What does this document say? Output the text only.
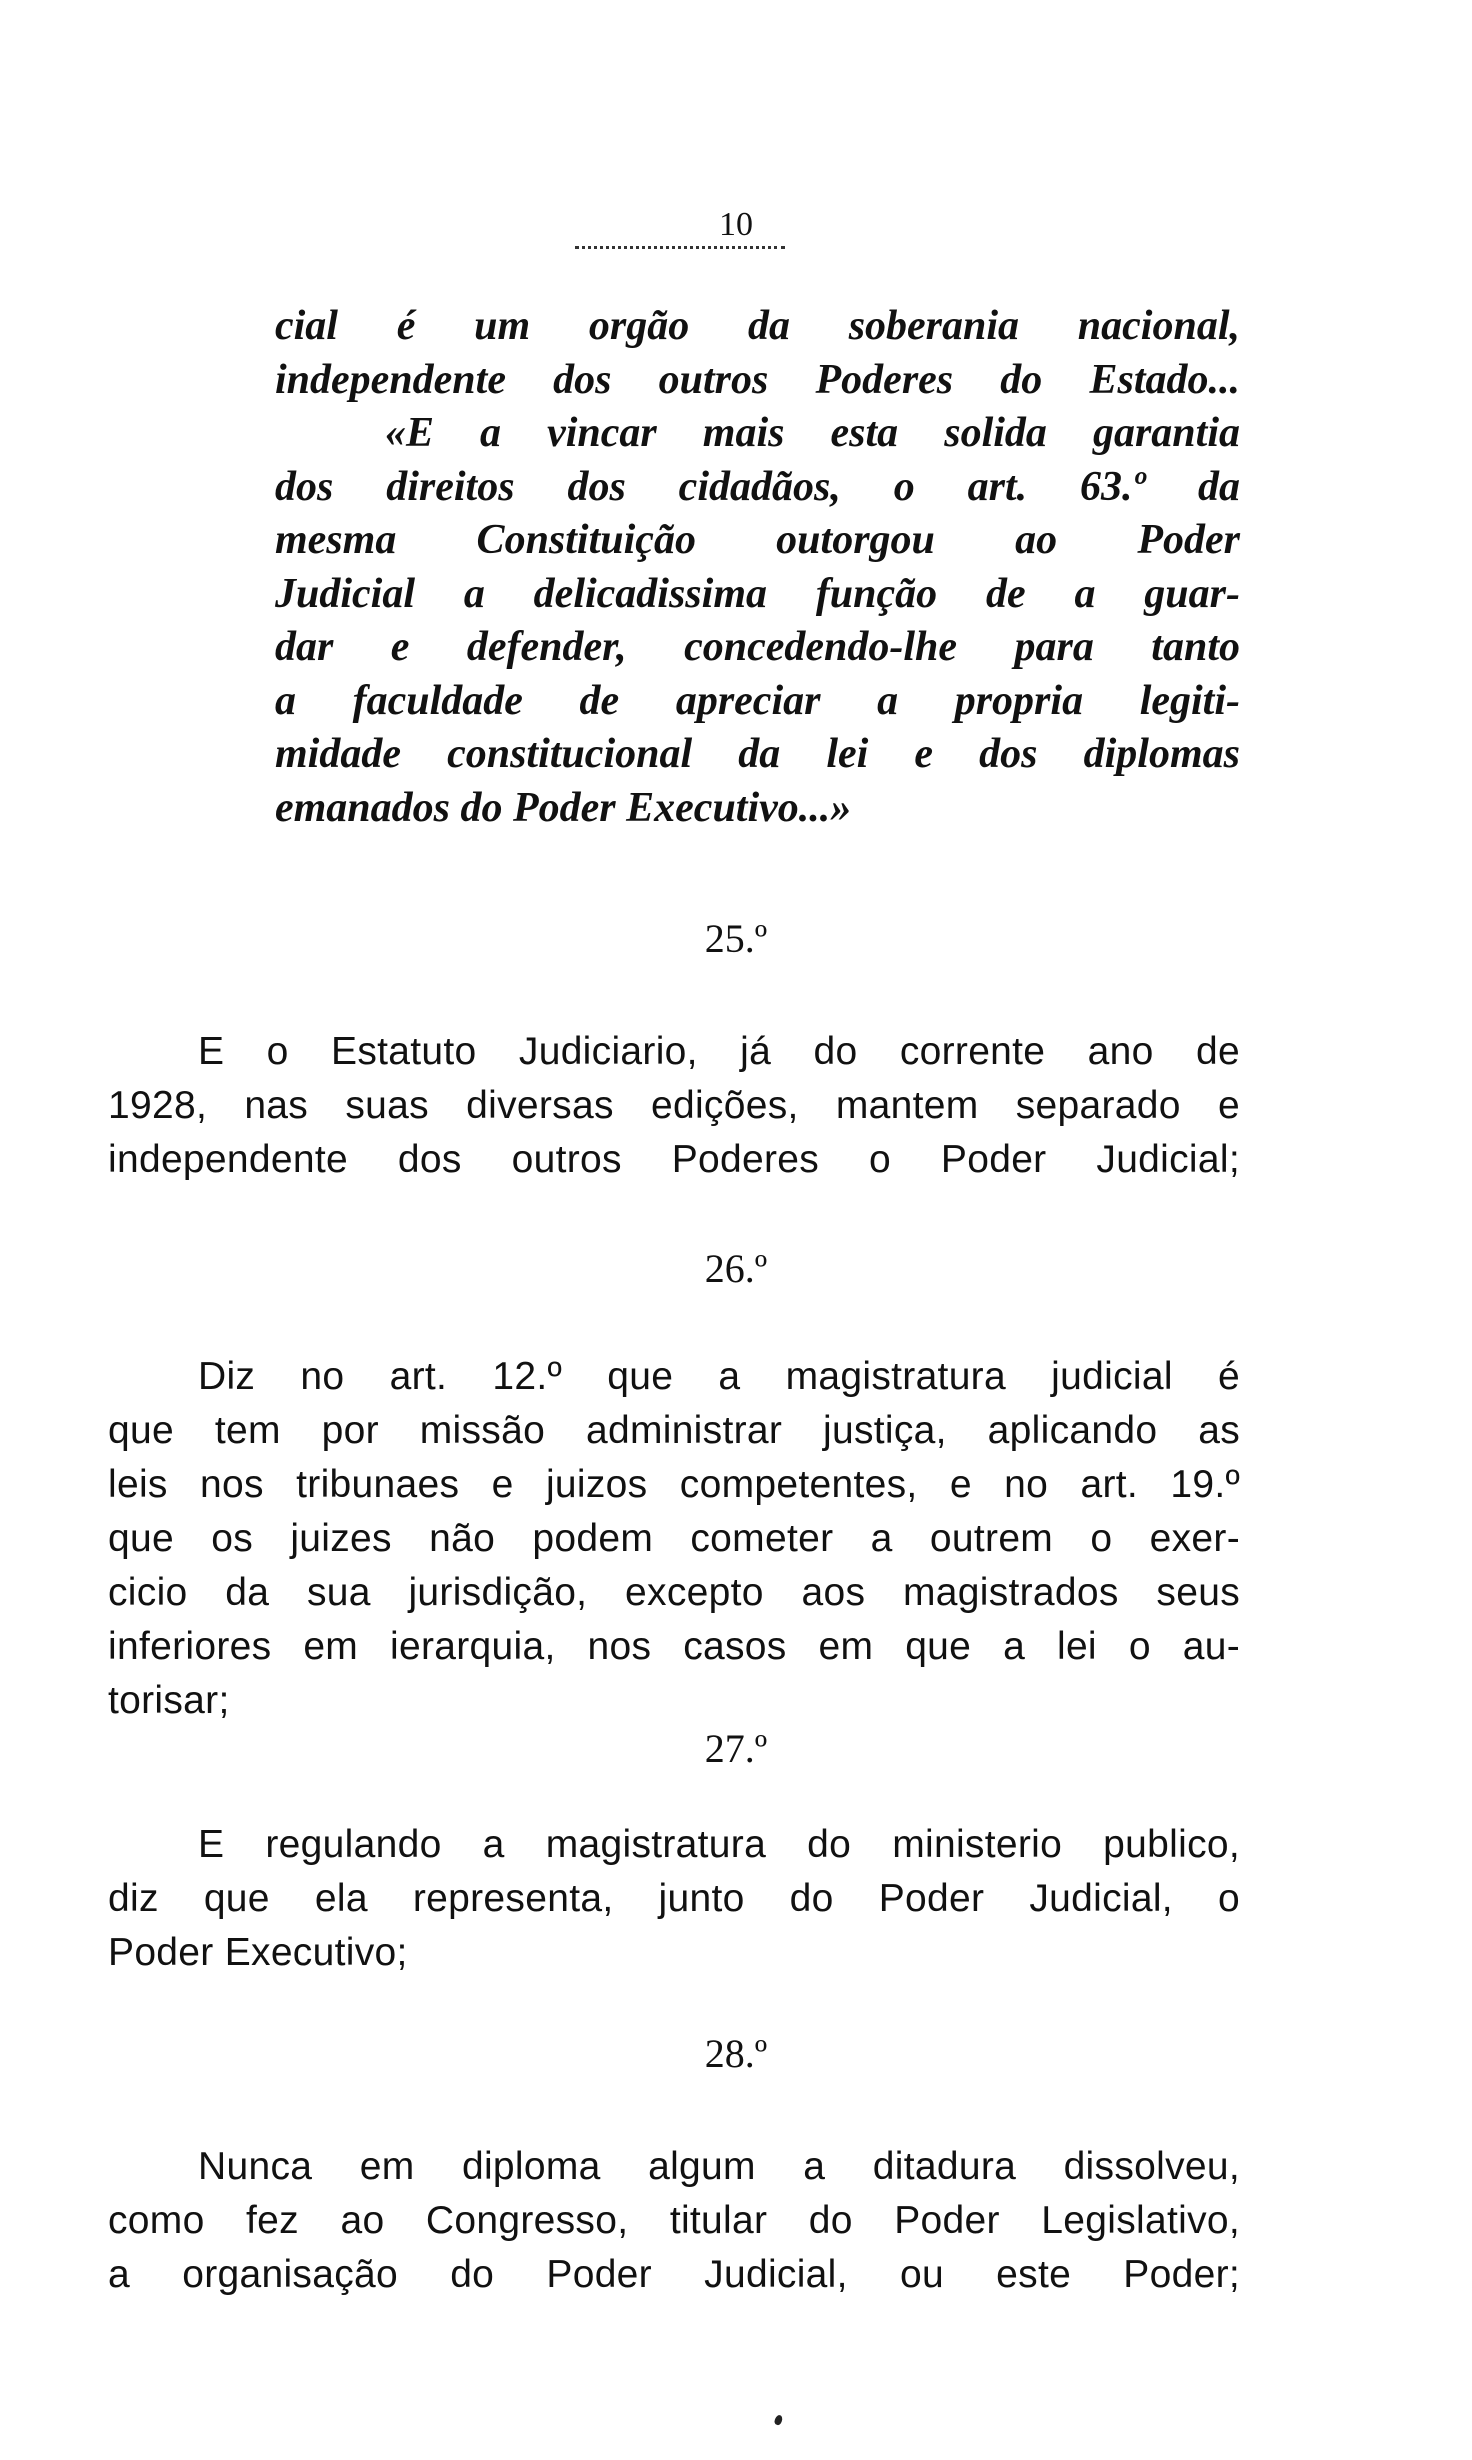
10
cial é um orgão da soberania nacional,
independente dos outros Poderes do Estado...
«E a vincar mais esta solida garantia
dos direitos dos cidadãos, o art. 63.º da
mesma Constituição outorgou ao Poder
Judicial a delicadissima função de a guar-
dar e defender, concedendo-lhe para tanto
a faculdade de apreciar a propria legiti-
midade constitucional da lei e dos diplomas
emanados do Poder Executivo...»
25.º
E o Estatuto Judiciario, já do corrente ano de
1928, nas suas diversas edições, mantem separado e
independente dos outros Poderes o Poder Judicial;
26.º
Diz no art. 12.º que a magistratura judicial é
que tem por missão administrar justiça, aplicando as
leis nos tribunaes e juizos competentes, e no art. 19.º
que os juizes não podem cometer a outrem o exer-
cicio da sua jurisdição, excepto aos magistrados seus
inferiores em ierarquia, nos casos em que a lei o au-
torisar;
27.º
E regulando a magistratura do ministerio publico,
diz que ela representa, junto do Poder Judicial, o
Poder Executivo;
28.º
Nunca em diploma algum a ditadura dissolveu,
como fez ao Congresso, titular do Poder Legislativo,
a organisação do Poder Judicial, ou este Poder;
